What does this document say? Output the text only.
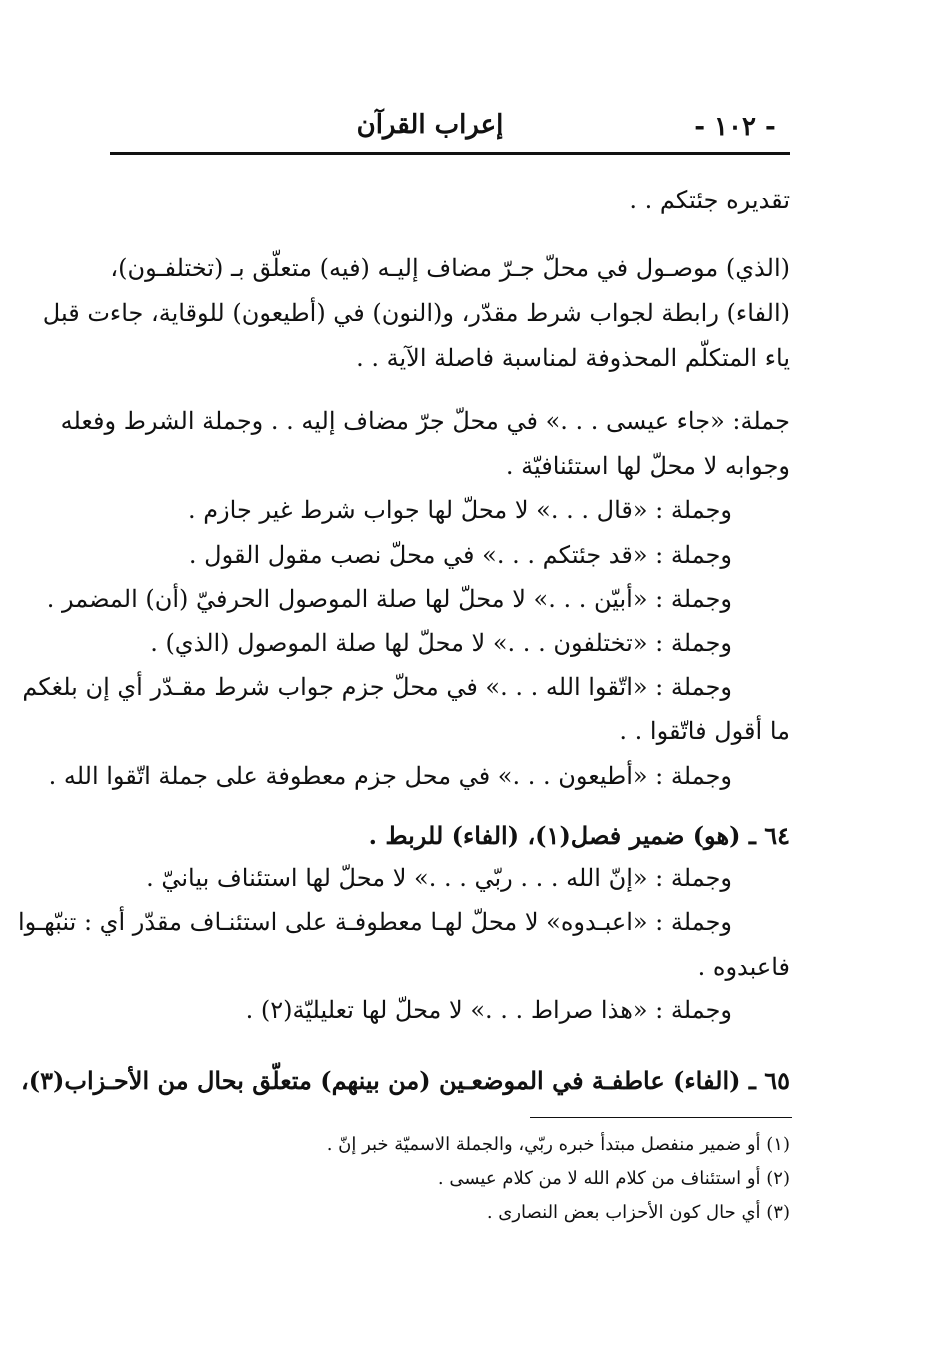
إعراب القرآن	- ١٠٢ -
تقديره جئتكم . .
(الذي) موصـول في محلّ جـرّ مضاف إليـه (فيه) متعلّق بـ (تختلفـون)،
(الفاء) رابطة لجواب شرط مقدّر، و(النون) في (أطيعون) للوقاية، جاءت قبل
ياء المتكلّم المحذوفة لمناسبة فاصلة الآية . .
جملة: «جاء عيسى . . .» في محلّ جرّ مضاف إليه . . وجملة الشرط وفعله
وجوابه لا محلّ لها استئنافيّة .
وجملة : «قال . . .» لا محلّ لها جواب شرط غير جازم .
وجملة : «قد جئتكم . . .» في محلّ نصب مقول القول .
وجملة : «أبيّن . . .» لا محلّ لها صلة الموصول الحرفيّ (أن) المضمر .
وجملة : «تختلفون . . .» لا محلّ لها صلة الموصول (الذي) .
وجملة : «اتّقوا الله . . .» في محلّ جزم جواب شرط مقـدّر أي إن بلغكم
ما أقول فاتّقوا . .
وجملة : «أطيعون . . .» في محل جزم معطوفة على جملة اتّقوا الله .
٦٤ ـ (هو) ضمير فصل(١)، (الفاء) للربط .
وجملة : «إنّ الله . . . ربّي . . .» لا محلّ لها استئناف بيانيّ .
وجملة : «اعبـدوه» لا محلّ لهـا معطوفـة على استئنـاف مقدّر أي : تنبّهـوا
فاعبدوه .
وجملة : «هذا صراط . . .» لا محلّ لها تعليليّة(٢) .
٦٥ ـ (الفاء) عاطفـة في الموضعـين (من بينهم) متعلّق بحال من الأحـزاب(٣)،
(١) أو ضمير منفصل مبتدأ خبره ربّي، والجملة الاسميّة خبر إنّ .
(٢) أو استئناف من كلام الله لا من كلام عيسى .
(٣) أي حال كون الأحزاب بعض النصارى .
